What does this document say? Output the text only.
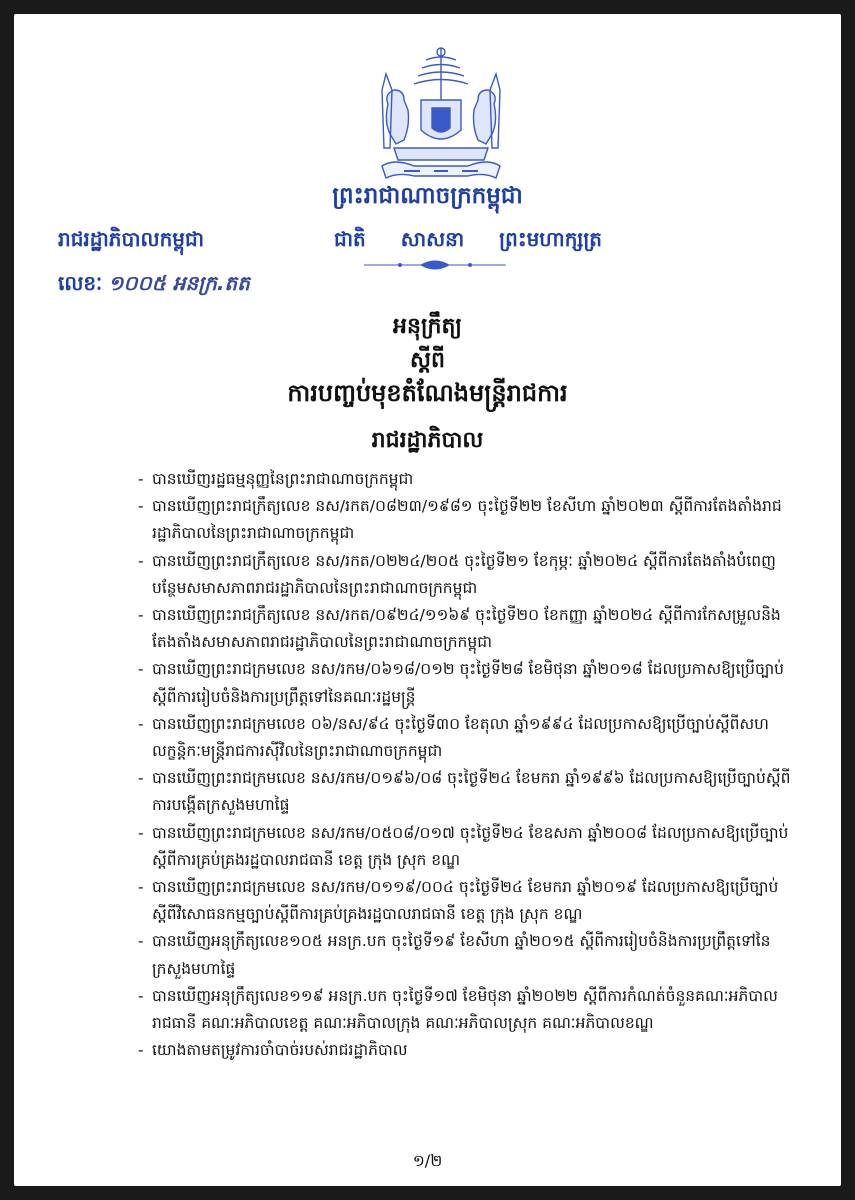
ព្រះរាជាណាចក្រកម្ពុជា
រាជរដ្ឋាភិបាលកម្ពុជា	ជាតិ សាសនា ព្រះមហាក្សត្រ
លេខៈ ១០០៥ អនក្រ.តត
អនុក្រឹត្យ
ស្តីពី
ការបញ្ចប់មុខតំណែងមន្ត្រីរាជការ
រាជរដ្ឋាភិបាល
- បានឃើញរដ្ឋធម្មនុញ្ញនៃព្រះរាជាណាចក្រកម្ពុជា
- បានឃើញព្រះរាជក្រឹត្យលេខ នស/រកត/០៨២៣/១៩៨១ ចុះថ្ងៃទី២២ ខែសីហា ឆ្នាំ២០២៣ ស្តីពីការតែងតាំងរាជរដ្ឋាភិបាលនៃព្រះរាជាណាចក្រកម្ពុជា
- បានឃើញព្រះរាជក្រឹត្យលេខ នស/រកត/០២២៤/២០៥ ចុះថ្ងៃទី២១ ខែកុម្ភៈ ឆ្នាំ២០២៤ ស្តីពីការតែងតាំងបំពេញបន្ថែមសមាសភាពរាជរដ្ឋាភិបាលនៃព្រះរាជាណាចក្រកម្ពុជា
- បានឃើញព្រះរាជក្រឹត្យលេខ នស/រកត/០៩២៤/១១៦៩ ចុះថ្ងៃទី២០ ខែកញ្ញា ឆ្នាំ២០២៤ ស្តីពីការកែសម្រួលនិងតែងតាំងសមាសភាពរាជរដ្ឋាភិបាលនៃព្រះរាជាណាចក្រកម្ពុជា
- បានឃើញព្រះរាជក្រមលេខ នស/រកម/០៦១៨/០១២ ចុះថ្ងៃទី២៨ ខែមិថុនា ឆ្នាំ២០១៨ ដែលប្រកាសឱ្យប្រើច្បាប់ស្តីពីការរៀបចំនិងការប្រព្រឹត្តទៅនៃគណៈរដ្ឋមន្ត្រី
- បានឃើញព្រះរាជក្រមលេខ ០៦/នស/៩៤ ចុះថ្ងៃទី៣០ ខែតុលា ឆ្នាំ១៩៩៤ ដែលប្រកាសឱ្យប្រើច្បាប់ស្តីពីសហលក្ខន្តិកៈមន្ត្រីរាជការស៊ីវិលនៃព្រះរាជាណាចក្រកម្ពុជា
- បានឃើញព្រះរាជក្រមលេខ នស/រកម/០១៩៦/០៨ ចុះថ្ងៃទី២៤ ខែមករា ឆ្នាំ១៩៩៦ ដែលប្រកាសឱ្យប្រើច្បាប់ស្តីពីការបង្កើតក្រសួងមហាផ្ទៃ
- បានឃើញព្រះរាជក្រមលេខ នស/រកម/០៥០៨/០១៧ ចុះថ្ងៃទី២៤ ខែឧសភា ឆ្នាំ២០០៨ ដែលប្រកាសឱ្យប្រើច្បាប់ស្តីពីការគ្រប់គ្រងរដ្ឋបាលរាជធានី ខេត្ត ក្រុង ស្រុក ខណ្ឌ
- បានឃើញព្រះរាជក្រមលេខ នស/រកម/០១១៩/០០៤ ចុះថ្ងៃទី២៤ ខែមករា ឆ្នាំ២០១៩ ដែលប្រកាសឱ្យប្រើច្បាប់ស្តីពីវិសោធនកម្មច្បាប់ស្តីពីការគ្រប់គ្រងរដ្ឋបាលរាជធានី ខេត្ត ក្រុង ស្រុក ខណ្ឌ
- បានឃើញអនុក្រឹត្យលេខ១០៥ អនក្រ.បក ចុះថ្ងៃទី១៩ ខែសីហា ឆ្នាំ២០១៥ ស្តីពីការរៀបចំនិងការប្រព្រឹត្តទៅនៃក្រសួងមហាផ្ទៃ
- បានឃើញអនុក្រឹត្យលេខ១១៩ អនក្រ.បក ចុះថ្ងៃទី១៧ ខែមិថុនា ឆ្នាំ២០២២ ស្តីពីការកំណត់ចំនួនគណៈអភិបាលរាជធានី គណៈអភិបាលខេត្ត គណៈអភិបាលក្រុង គណៈអភិបាលស្រុក គណៈអភិបាលខណ្ឌ
- យោងតាមតម្រូវការចាំបាច់របស់រាជរដ្ឋាភិបាល
១/២
